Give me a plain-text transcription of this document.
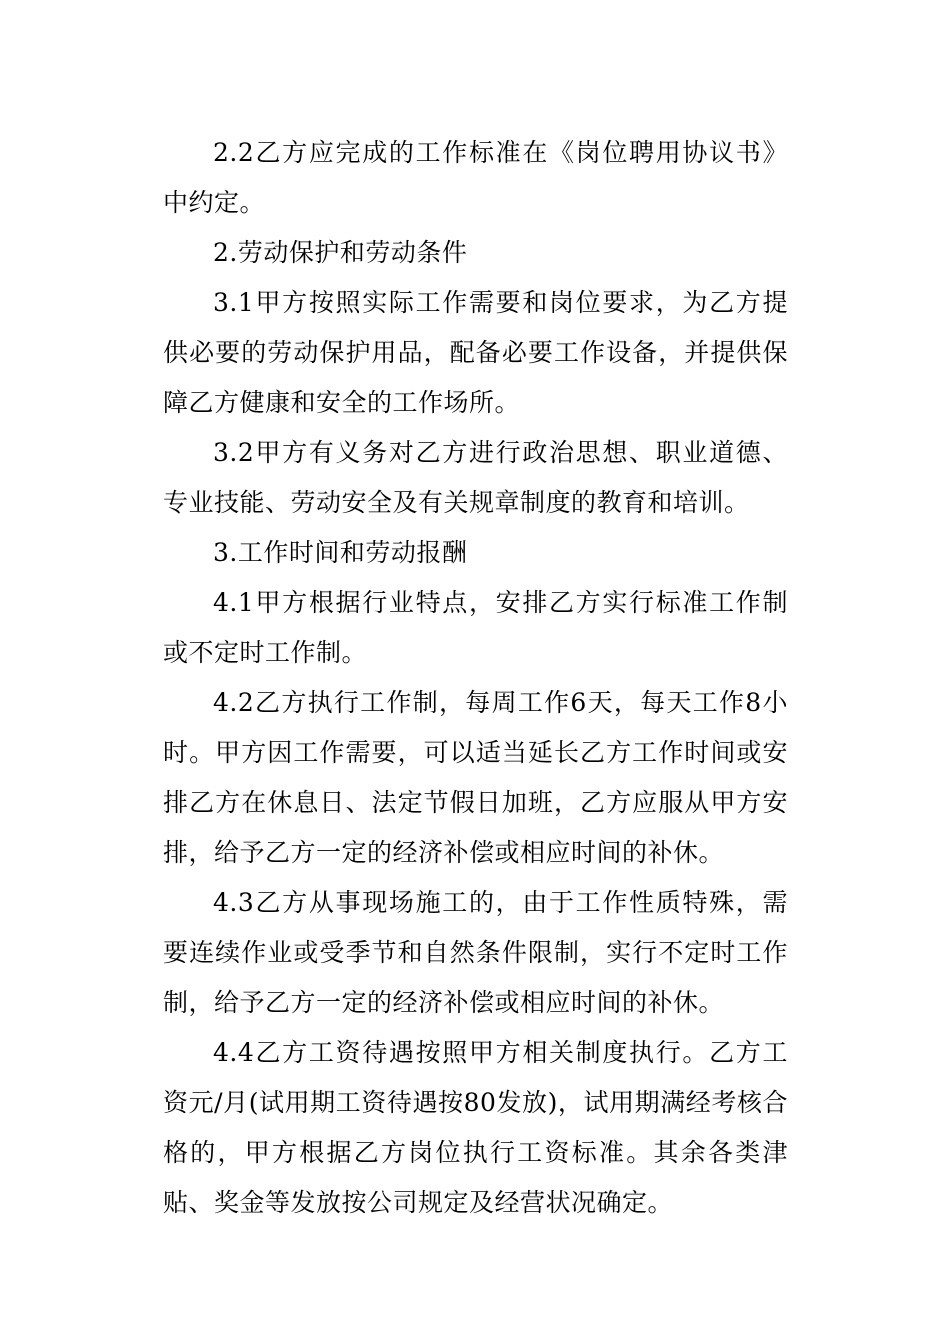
2.2乙方应完成的工作标准在《岗位聘用协议书》中约定。

2.劳动保护和劳动条件

3.1甲方按照实际工作需要和岗位要求，为乙方提供必要的劳动保护用品，配备必要工作设备，并提供保障乙方健康和安全的工作场所。

3.2甲方有义务对乙方进行政治思想、职业道德、专业技能、劳动安全及有关规章制度的教育和培训。

3.工作时间和劳动报酬

4.1甲方根据行业特点，安排乙方实行标准工作制或不定时工作制。

4.2乙方执行工作制，每周工作6天，每天工作8小时。甲方因工作需要，可以适当延长乙方工作时间或安排乙方在休息日、法定节假日加班，乙方应服从甲方安排，给予乙方一定的经济补偿或相应时间的补休。

4.3乙方从事现场施工的，由于工作性质特殊，需要连续作业或受季节和自然条件限制，实行不定时工作制，给予乙方一定的经济补偿或相应时间的补休。

4.4乙方工资待遇按照甲方相关制度执行。乙方工资元/月(试用期工资待遇按80发放)，试用期满经考核合格的，甲方根据乙方岗位执行工资标准。其余各类津贴、奖金等发放按公司规定及经营状况确定。
